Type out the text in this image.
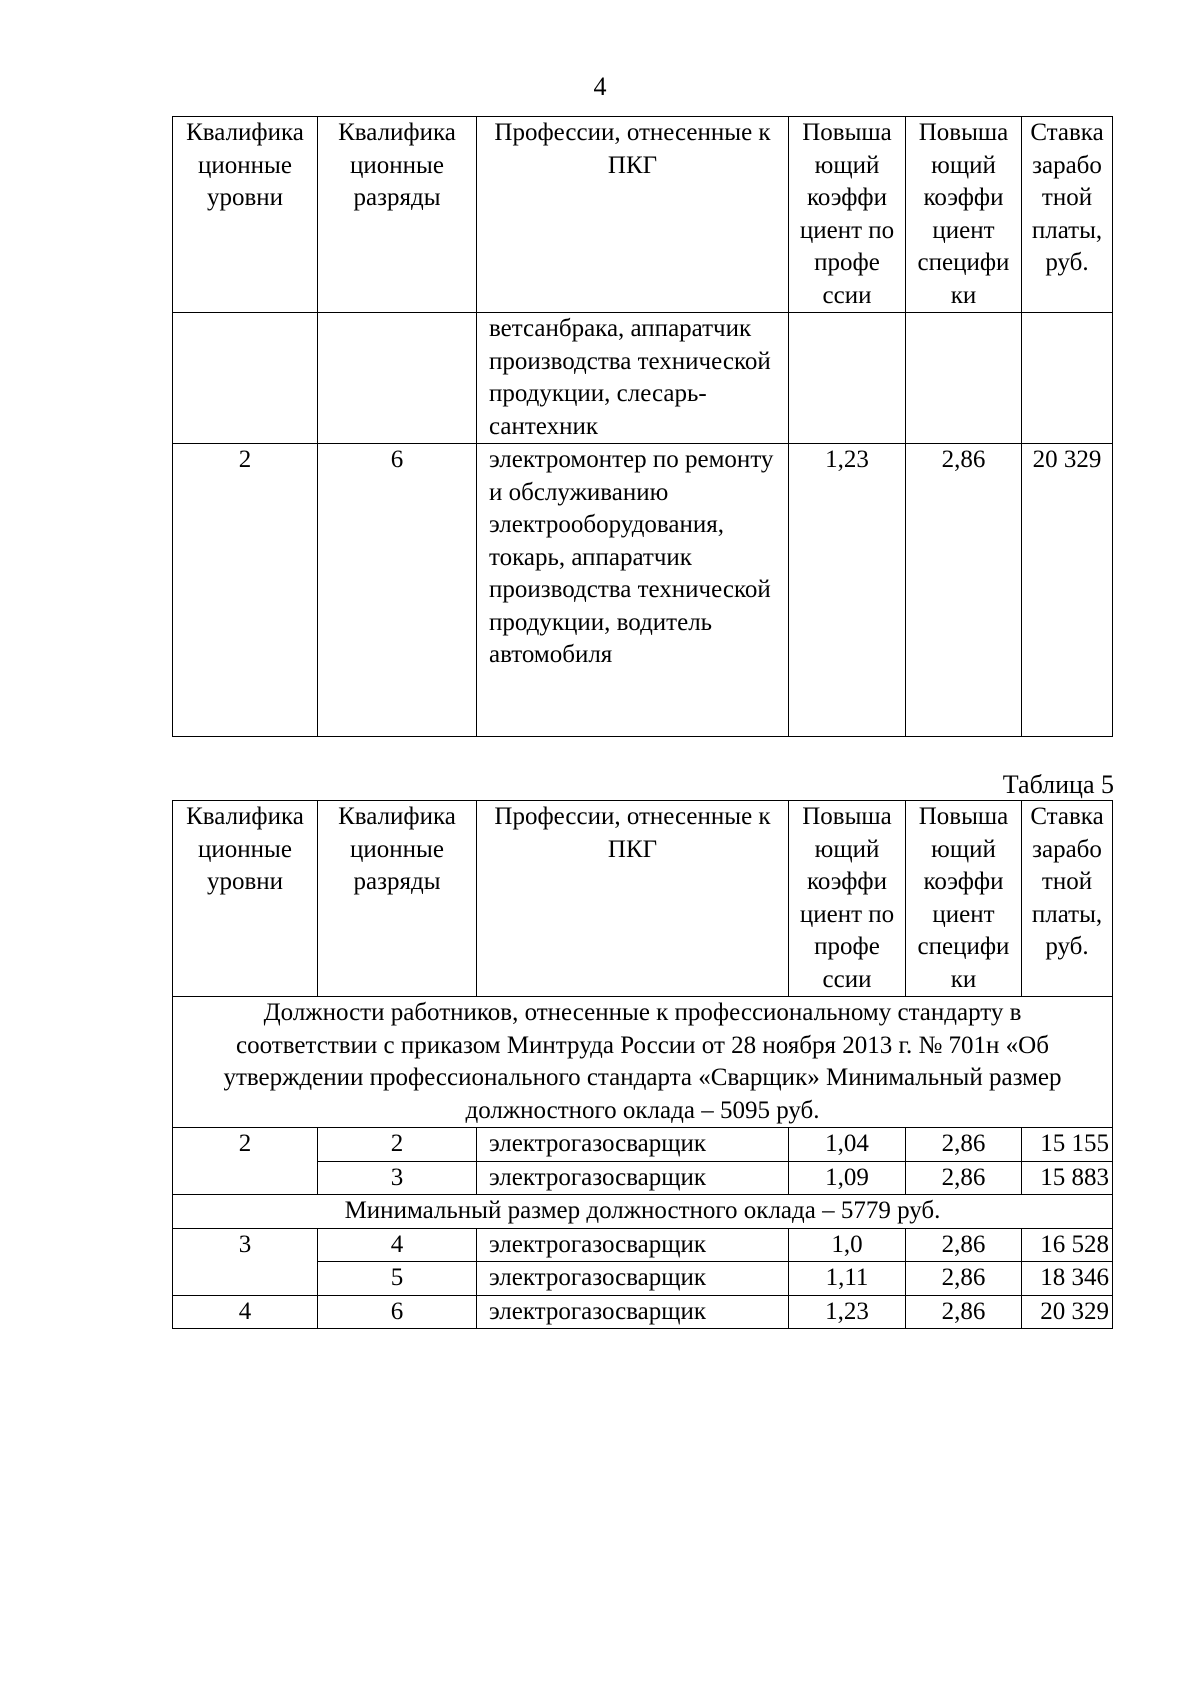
4
Квалифика ционные уровни	Квалифика ционные разряды	Профессии, отнесенные к ПКГ	Повыша ющий коэффи циент по профе ссии	Повыша ющий коэффи циент специфи ки	Ставка зарабо тной платы, руб.
		ветсанбрака, аппаратчик производства технической продукции, слесарь-сантехник			
2	6	электромонтер по ремонту и обслуживанию электрооборудования, токарь, аппаратчик производства технической продукции, водитель автомобиля	1,23	2,86	20 329
Таблица 5
Квалифика ционные уровни	Квалифика ционные разряды	Профессии, отнесенные к ПКГ	Повыша ющий коэффи циент по профе ссии	Повыша ющий коэффи циент специфи ки	Ставка зарабо тной платы, руб.
Должности работников, отнесенные к профессиональному стандарту в соответствии с приказом Минтруда России от 28 ноября 2013 г. № 701н «Об утверждении профессионального стандарта «Сварщик» Минимальный размер должностного оклада – 5095 руб.					
2	2	электрогазосварщик	1,04	2,86	15 155
	3	электрогазосварщик	1,09	2,86	15 883
Минимальный размер должностного оклада – 5779 руб.					
3	4	электрогазосварщик	1,0	2,86	16 528
	5	электрогазосварщик	1,11	2,86	18 346
4	6	электрогазосварщик	1,23	2,86	20 329
